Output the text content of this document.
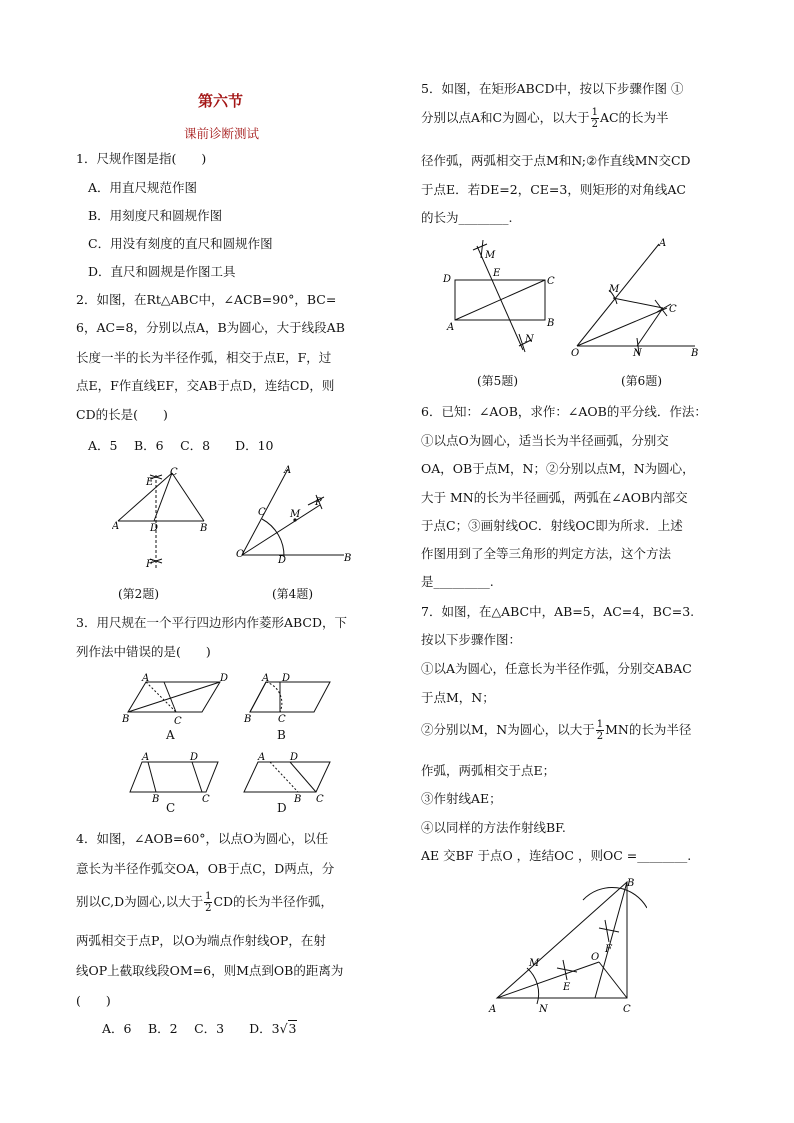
第六节
课前诊断测试
1．尺规作图是指(　　)
A．用直尺规范作图
B．用刻度尺和圆规作图
C．用没有刻度的直尺和圆规作图
D．直尺和圆规是作图工具
2．如图，在Rt△ABC中，∠ACB=90°，BC=
6，AC=8，分别以点A，B为圆心，大于线段AB
长度一半的长为半径作弧，相交于点E，F，过
点E，F作直线EF，交AB于点D，连结CD，则
CD的长是(　　)
A．5　 B．6　 C．8　　D．10
E
C
A	D	B
F
A
C M
P
O
D	B
(第2题)	(第4题)
3．用尺规在一个平行四边形内作菱形ABCD，下
列作法中错误的是(　　)
A	D
B	C
A D
B	C
A	D
B	C
A D
B C
A	B
C	D
4．如图，∠AOB=60°，以点O为圆心，以任
意长为半径作弧交OA，OB于点C，D两点，分
别以C,D为圆心,以大于 $\frac{1}{2}$ CD的长为半径作弧，
两弧相交于点P，以O为端点作射线OP，在射
线OP上截取线段OM=6，则M点到OB的距离为
(　　)
A．6　 B．2　 C．3　　D．3√3
5．如图，在矩形ABCD中，按以下步骤作图 ①
分别以点A和C为圆心，以大于 $\frac{1}{2}$ AC的长为半
径作弧，两弧相交于点M和N;②作直线MN交CD
于点E．若DE=2，CE=3，则矩形的对角线AC
的长为________.
M
D
E
C
A	B
N
A
M
C
O	N	B
(第5题)	(第6题)
6．已知：∠AOB，求作：∠AOB的平分线．作法：
①以点O为圆心，适当长为半径画弧，分别交
OA，OB于点M，N；②分别以点M，N为圆心，
大于 MN的长为半径画弧，两弧在∠AOB内部交
于点C；③画射线OC．射线OC即为所求．上述
作图用到了全等三角形的判定方法，这个方法
是_________.
7．如图，在△ABC中，AB=5，AC=4，BC=3.
按以下步骤作图：
①以A为圆心，任意长为半径作弧，分别交ABAC
于点M，N；
②分别以M，N为圆心，以大于 $\frac{1}{2}$ MN的长为半径
作弧，两弧相交于点E；
③作射线AE；
④以同样的方法作射线BF.
AE 交BF 于点O ，连结OC ，则OC =________.
B
F
O
M
E
A	N	C
